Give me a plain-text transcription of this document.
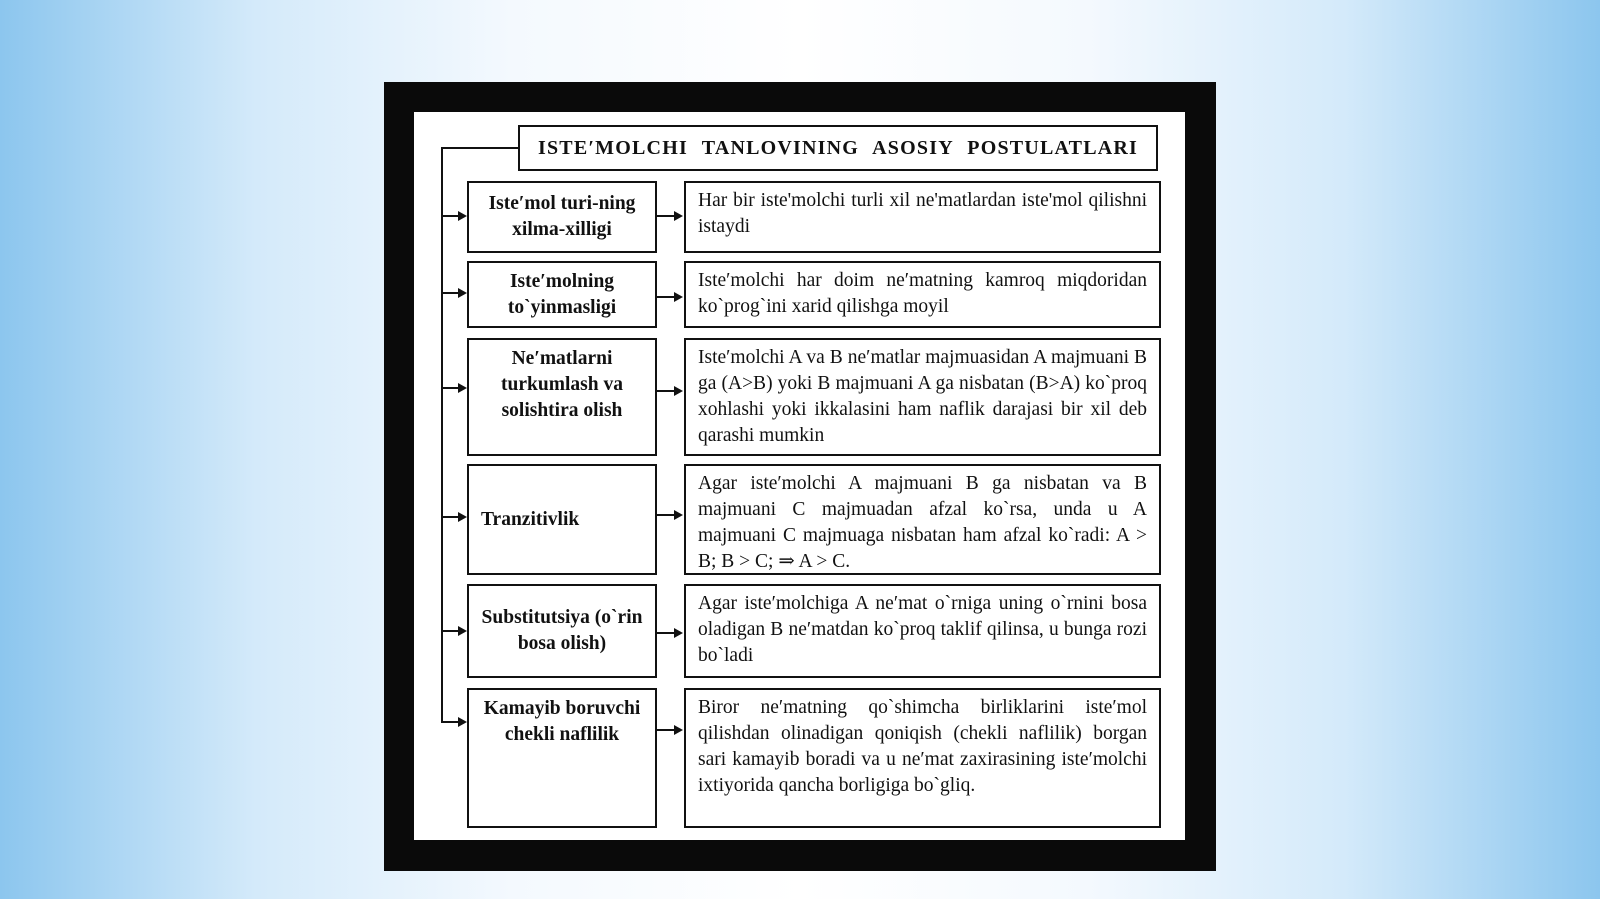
ISTE′MOLCHI TANLOVINING ASOSIY POSTULATLARI
Iste′mol turi-ning xilma-xilligi
Har bir iste'molchi turli xil ne'matlardan iste'mol qilishni istaydi
Iste′molning to`yinmasligi
Iste′molchi har doim ne′matning kamroq miqdoridan ko`prog`ini xarid qilishga moyil
Ne′matlarni turkumlash va solishtira olish
Iste′molchi A va B ne′matlar majmuasidan A majmuani B ga (A>B) yoki B majmuani A ga nisbatan (B>A) ko`proq xohlashi yoki ikkalasini ham naflik darajasi bir xil deb qarashi mumkin
Tranzitivlik
Agar iste′molchi A majmuani B ga nisbatan va B majmuani C majmuadan afzal ko`rsa, unda u A majmuani C majmuaga nisbatan ham afzal ko`radi: A > B; B > C; ⇒ A > C.
Substitutsiya (o`rin bosa olish)
Agar iste′molchiga A ne′mat o`rniga uning o`rnini bosa oladigan B ne′matdan ko`proq taklif qilinsa, u bunga rozi bo`ladi
Kamayib boruvchi chekli naflilik
Biror ne′matning qo`shimcha birliklarini iste′mol qilishdan olinadigan qoniqish (chekli naflilik) borgan sari kamayib boradi va u ne′mat zaxirasining iste′molchi ixtiyorida qancha borligiga bo`gliq.
